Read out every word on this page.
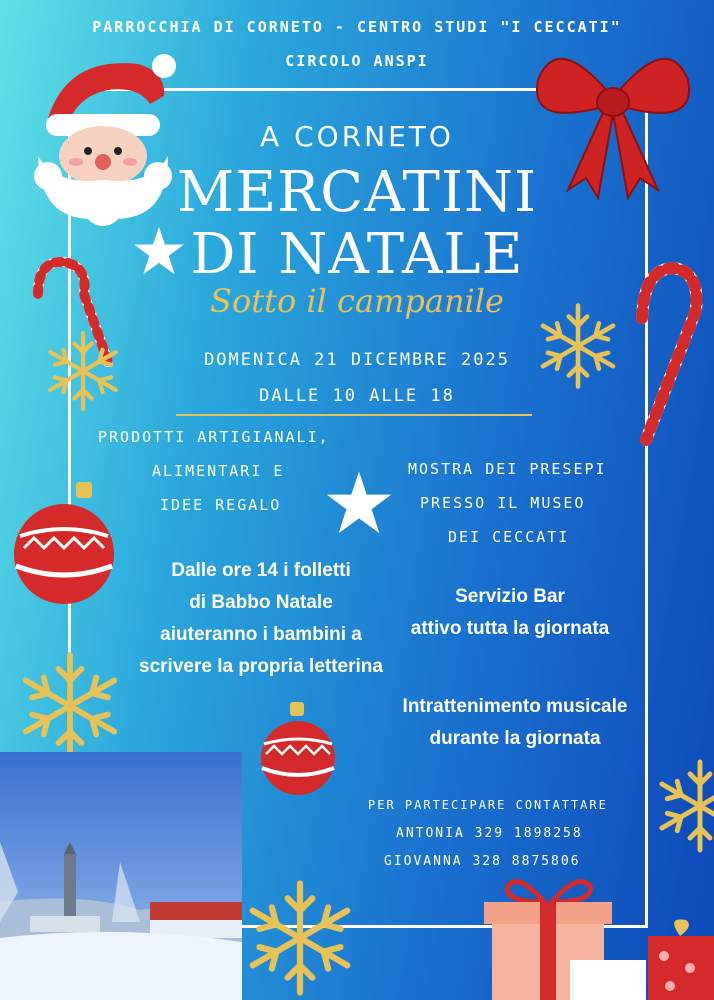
PARROCCHIA DI CORNETO - CENTRO STUDI "I CECCATI"
CIRCOLO ANSPI
A CORNETO
MERCATINI
DI NATALE
Sotto il campanile
DOMENICA 21 DICEMBRE 2025
DALLE 10 ALLE 18
PRODOTTI ARTIGIANALI,
ALIMENTARI E
IDEE REGALO
MOSTRA DEI PRESEPI
PRESSO IL MUSEO
DEI CECCATI
Dalle ore 14 i folletti
di Babbo Natale
aiuteranno i bambini a
scrivere la propria letterina
Servizio Bar
attivo tutta la giornata
Intrattenimento musicale
durante la giornata
PER PARTECIPARE CONTATTARE
ANTONIA 329 1898258
GIOVANNA 328 8875806
